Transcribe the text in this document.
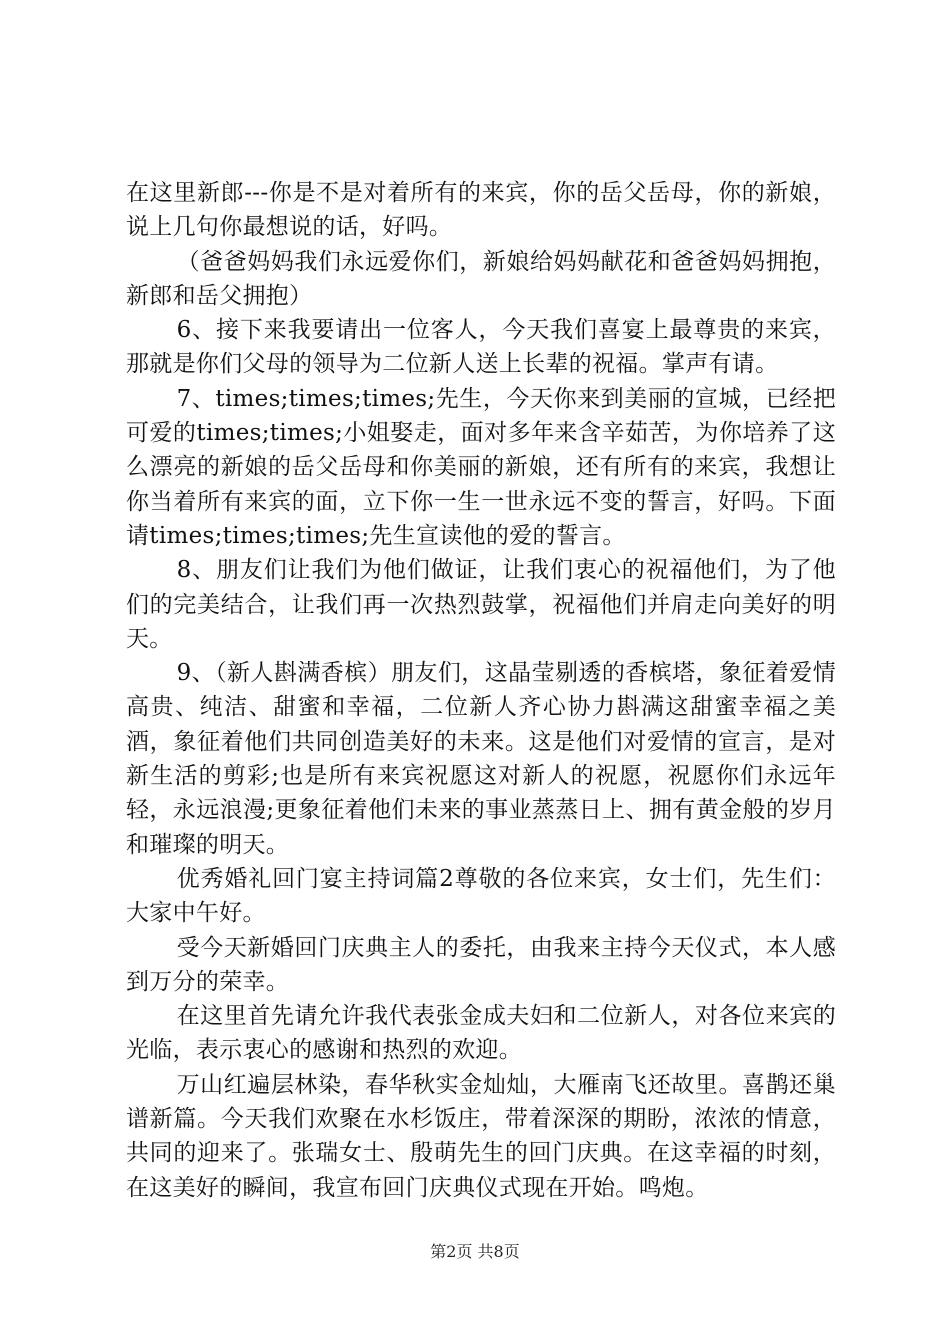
在这里新郎---你是不是对着所有的来宾，你的岳父岳母，你的新娘，说上几句你最想说的话，好吗。

（爸爸妈妈我们永远爱你们，新娘给妈妈献花和爸爸妈妈拥抱，新郎和岳父拥抱）

6、接下来我要请出一位客人，今天我们喜宴上最尊贵的来宾，那就是你们父母的领导为二位新人送上长辈的祝福。掌声有请。

7、times;times;times;先生，今天你来到美丽的宣城，已经把可爱的times;times;小姐娶走，面对多年来含辛茹苦，为你培养了这么漂亮的新娘的岳父岳母和你美丽的新娘，还有所有的来宾，我想让你当着所有来宾的面，立下你一生一世永远不变的誓言，好吗。下面请times;times;times;先生宣读他的爱的誓言。

8、朋友们让我们为他们做证，让我们衷心的祝福他们，为了他们的完美结合，让我们再一次热烈鼓掌，祝福他们并肩走向美好的明天。

9、（新人斟满香槟）朋友们，这晶莹剔透的香槟塔，象征着爱情高贵、纯洁、甜蜜和幸福，二位新人齐心协力斟满这甜蜜幸福之美酒，象征着他们共同创造美好的未来。这是他们对爱情的宣言，是对新生活的剪彩;也是所有来宾祝愿这对新人的祝愿，祝愿你们永远年轻，永远浪漫;更象征着他们未来的事业蒸蒸日上、拥有黄金般的岁月和璀璨的明天。

优秀婚礼回门宴主持词篇2尊敬的各位来宾，女士们，先生们：大家中午好。

受今天新婚回门庆典主人的委托，由我来主持今天仪式，本人感到万分的荣幸。

在这里首先请允许我代表张金成夫妇和二位新人，对各位来宾的光临，表示衷心的感谢和热烈的欢迎。

万山红遍层林染，春华秋实金灿灿，大雁南飞还故里。喜鹊还巢谱新篇。今天我们欢聚在水杉饭庄，带着深深的期盼，浓浓的情意，共同的迎来了。张瑞女士、殷萌先生的回门庆典。在这幸福的时刻，在这美好的瞬间，我宣布回门庆典仪式现在开始。鸣炮。

第2页 共8页
